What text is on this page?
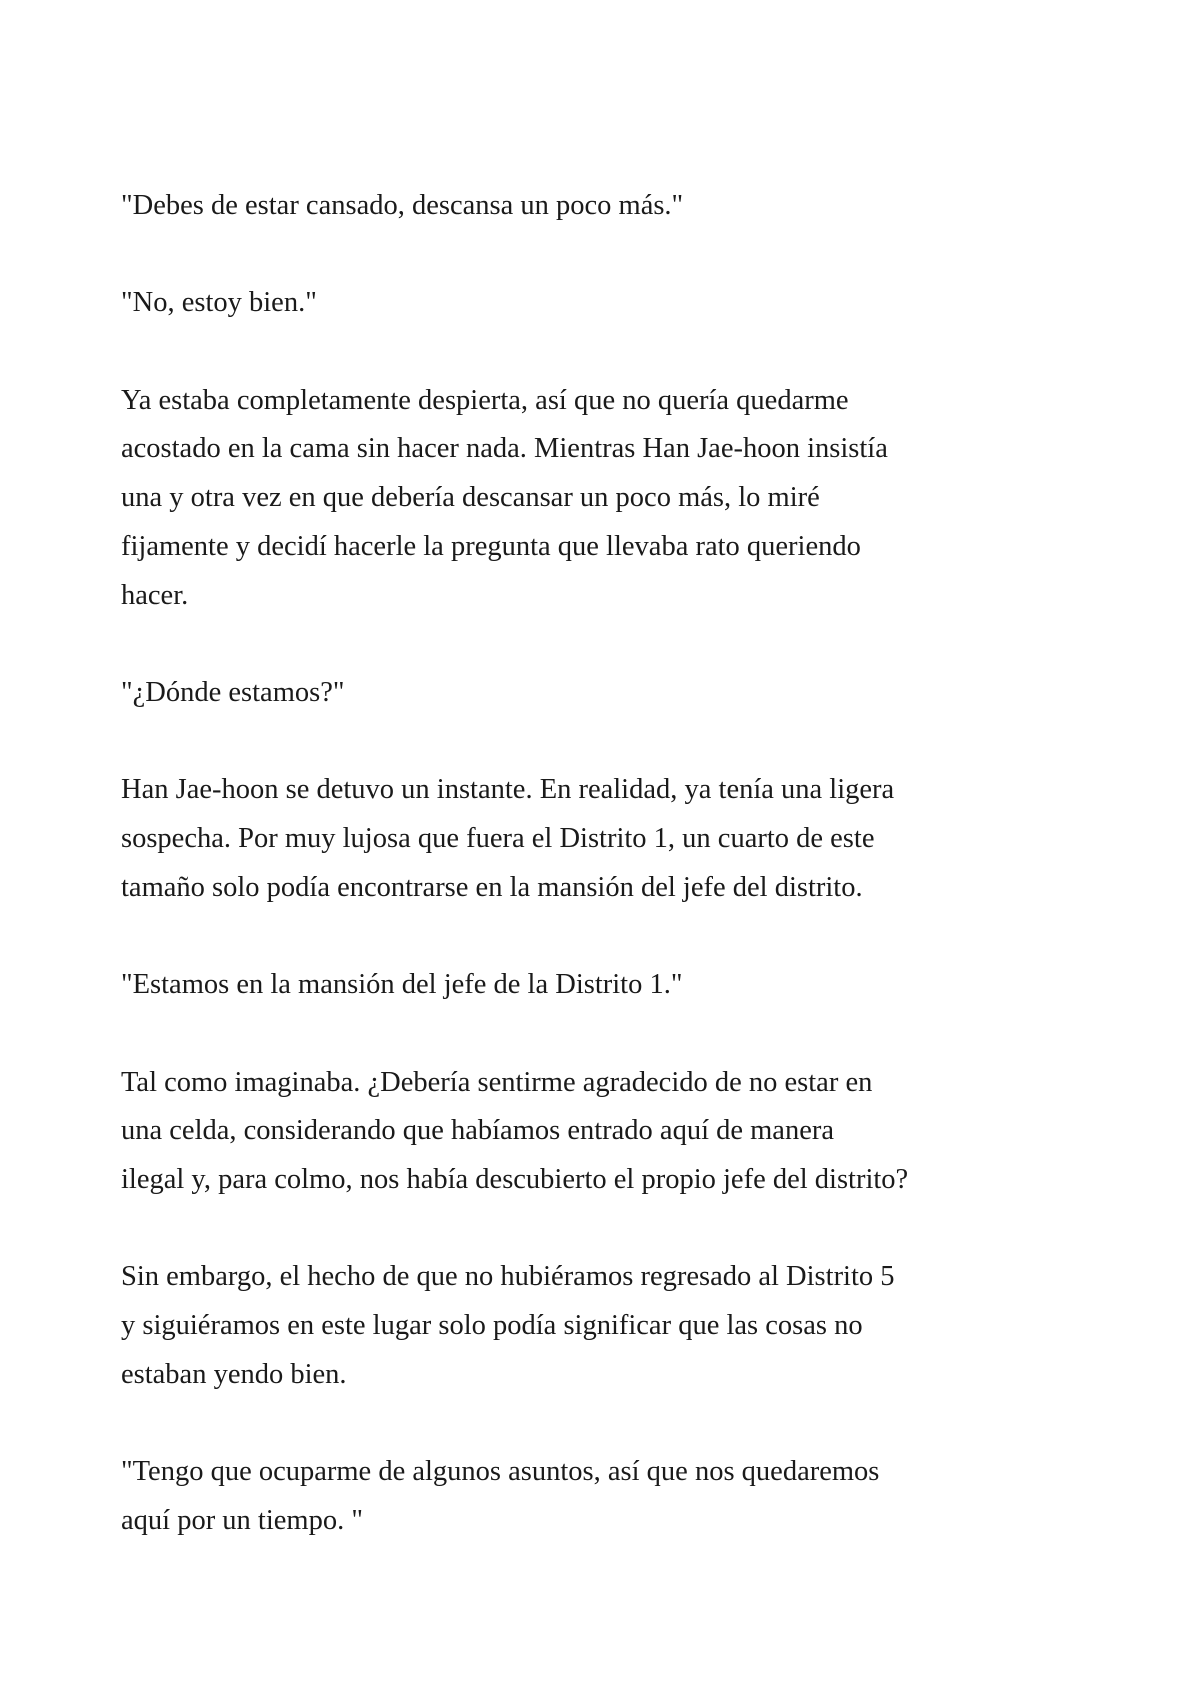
"Debes de estar cansado, descansa un poco más."

"No, estoy bien."

Ya estaba completamente despierta, así que no quería quedarme
acostado en la cama sin hacer nada. Mientras Han Jae-hoon insistía
una y otra vez en que debería descansar un poco más, lo miré
fijamente y decidí hacerle la pregunta que llevaba rato queriendo
hacer.

"¿Dónde estamos?"

Han Jae-hoon se detuvo un instante. En realidad, ya tenía una ligera
sospecha. Por muy lujosa que fuera el Distrito 1, un cuarto de este
tamaño solo podía encontrarse en la mansión del jefe del distrito.

"Estamos en la mansión del jefe de la Distrito 1."

Tal como imaginaba. ¿Debería sentirme agradecido de no estar en
una celda, considerando que habíamos entrado aquí de manera
ilegal y, para colmo, nos había descubierto el propio jefe del distrito?

Sin embargo, el hecho de que no hubiéramos regresado al Distrito 5
y siguiéramos en este lugar solo podía significar que las cosas no
estaban yendo bien.

"Tengo que ocuparme de algunos asuntos, así que nos quedaremos
aquí por un tiempo. "
